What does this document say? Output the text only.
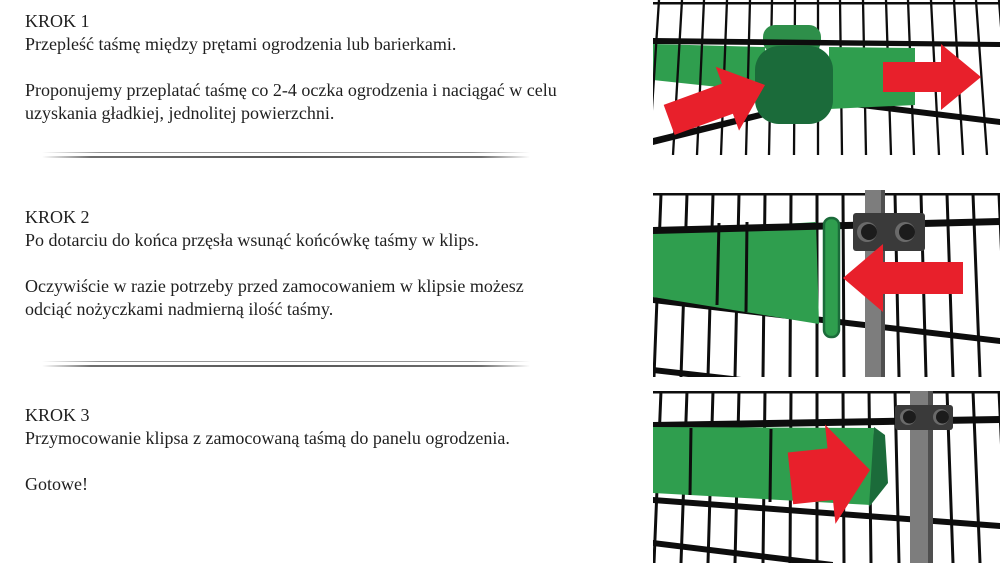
KROK 1

Przepleść taśmę między prętami ogrodzenia lub barierkami.

Proponujemy przeplatać taśmę co 2-4 oczka ogrodzenia i naciągać w celu
uzyskania gładkiej, jednolitej powierzchni.

KROK 2

Po dotarciu do końca przęsła wsunąć końcówkę taśmy w klips.

Oczywiście w razie potrzeby przed zamocowaniem w klipsie możesz
odciąć nożyczkami nadmierną ilość taśmy.

KROK 3

Przymocowanie klipsa z zamocowaną taśmą do panelu ogrodzenia.

Gotowe!
